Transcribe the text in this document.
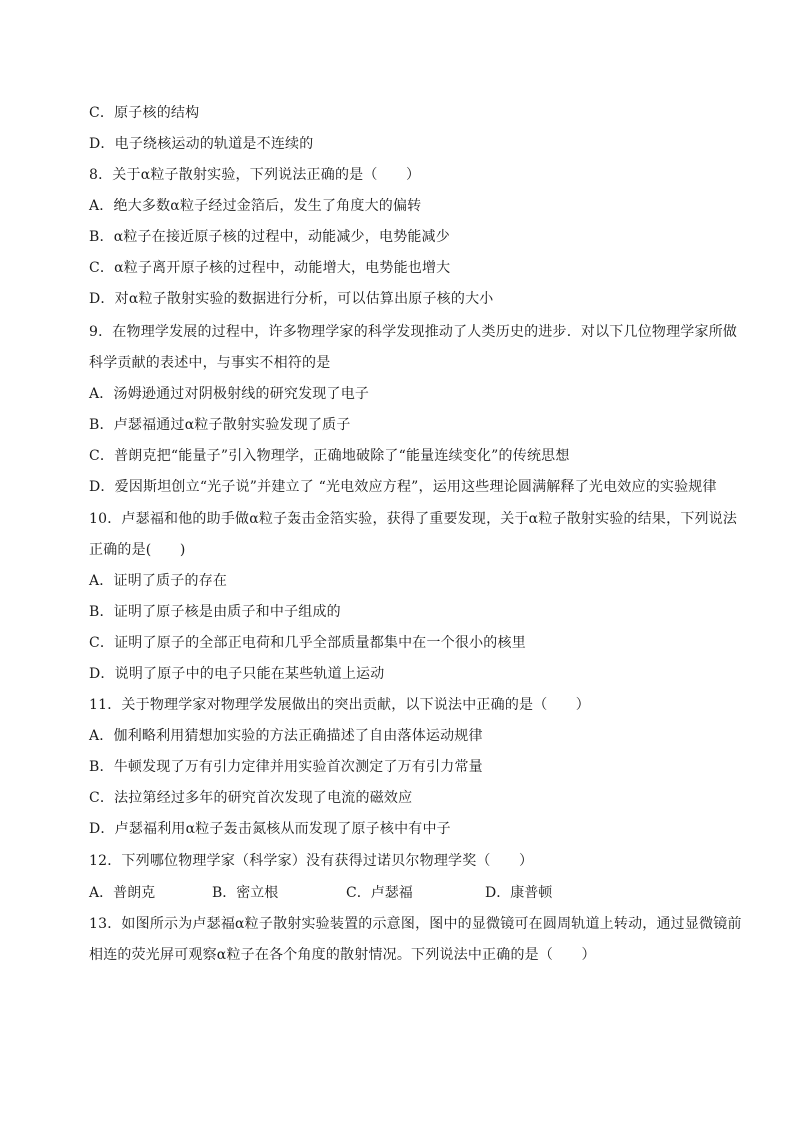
C．原子核的结构
D．电子绕核运动的轨道是不连续的
8．关于α粒子散射实验，下列说法正确的是（　　）
A．绝大多数α粒子经过金箔后，发生了角度大的偏转
B．α粒子在接近原子核的过程中，动能减少，电势能减少
C．α粒子离开原子核的过程中，动能增大，电势能也增大
D．对α粒子散射实验的数据进行分析，可以估算出原子核的大小
9．在物理学发展的过程中，许多物理学家的科学发现推动了人类历史的进步．对以下几位物理学家所做
科学贡献的表述中，与事实不相符的是
A．汤姆逊通过对阴极射线的研究发现了电子
B．卢瑟福通过α粒子散射实验发现了质子
C．普朗克把“能量子”引入物理学，正确地破除了“能量连续变化”的传统思想
D．爱因斯坦创立“光子说”并建立了 “光电效应方程”，运用这些理论圆满解释了光电效应的实验规律
10．卢瑟福和他的助手做α粒子轰击金箔实验，获得了重要发现，关于α粒子散射实验的结果，下列说法
正确的是(　　)
A．证明了质子的存在
B．证明了原子核是由质子和中子组成的
C．证明了原子的全部正电荷和几乎全部质量都集中在一个很小的核里
D．说明了原子中的电子只能在某些轨道上运动
11．关于物理学家对物理学发展做出的突出贡献，以下说法中正确的是（　　）
A．伽利略利用猜想加实验的方法正确描述了自由落体运动规律
B．牛顿发现了万有引力定律并用实验首次测定了万有引力常量
C．法拉第经过多年的研究首次发现了电流的磁效应
D．卢瑟福利用α粒子轰击氮核从而发现了原子核中有中子
12．下列哪位物理学家（科学家）没有获得过诺贝尔物理学奖（　　）
A．普朗克	B．密立根	C．卢瑟福	D．康普顿
13．如图所示为卢瑟福α粒子散射实验装置的示意图，图中的显微镜可在圆周轨道上转动，通过显微镜前
相连的荧光屏可观察α粒子在各个角度的散射情况。下列说法中正确的是（　　）
